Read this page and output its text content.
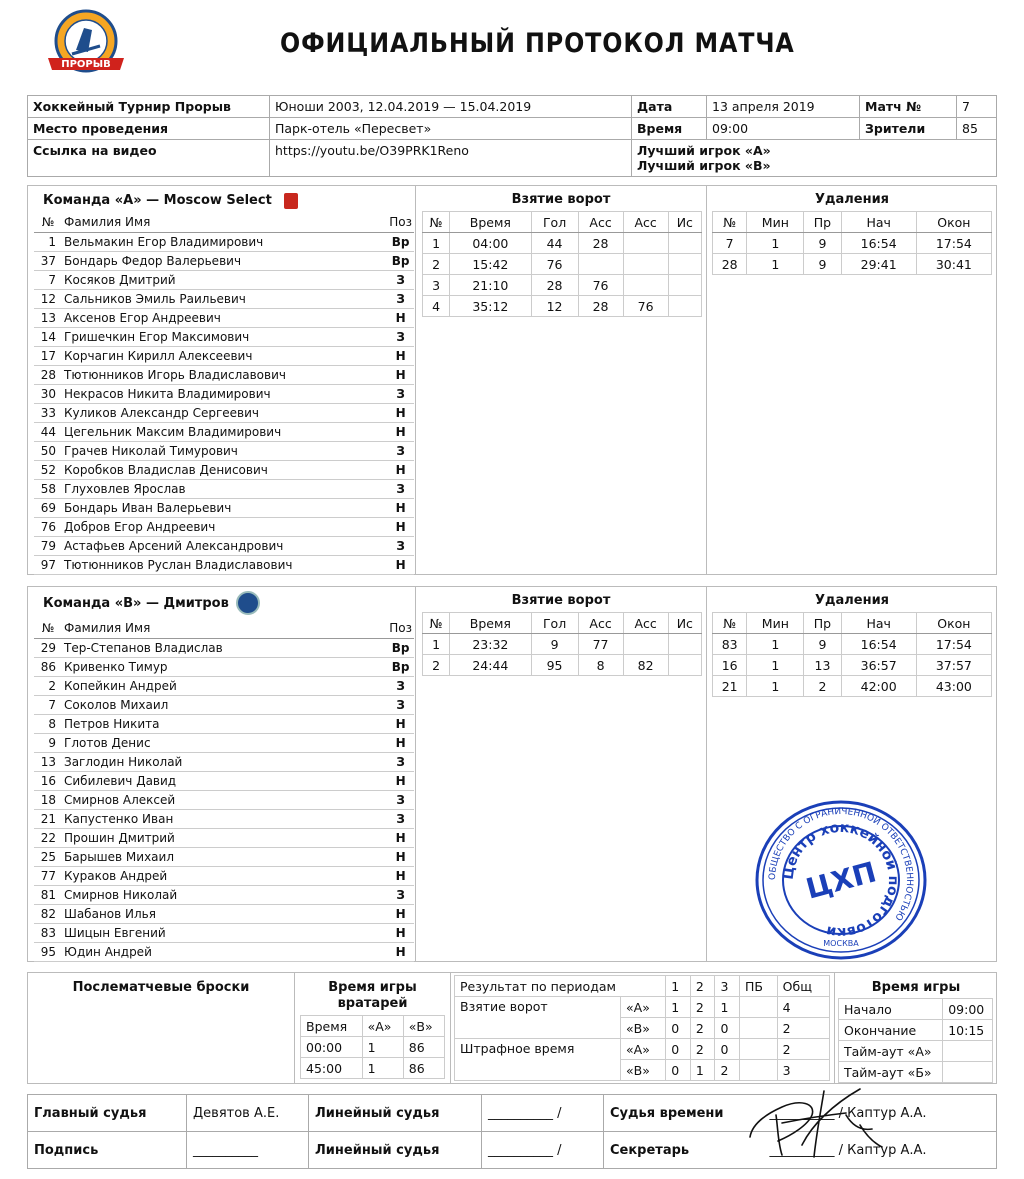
ПРОРЫВ
ОФИЦИАЛЬНЫЙ ПРОТОКОЛ МАТЧА
Хоккейный Турнир Прорыв	Юноши 2003, 12.04.2019 — 15.04.2019	Дата	13 апреля 2019	Матч №	7
Место проведения	Парк-отель «Пересвет»	Время	09:00	Зрители	85
Ссылка на видео	https://youtu.be/O39PRK1Reno	Лучший игрок «А»
Лучший игрок «В»			
Команда «А» — Moscow Select
№	Фамилия Имя	Поз
1	Вельмакин Егор Владимирович	Вр
37	Бондарь Федор Валерьевич	Вр
7	Косяков Дмитрий	З
12	Сальников Эмиль Раильевич	З
13	Аксенов Егор Андреевич	Н
14	Гришечкин Егор Максимович	З
17	Корчагин Кирилл Алексеевич	Н
28	Тютюнников Игорь Владиславович	Н
30	Некрасов Никита Владимирович	З
33	Куликов Александр Сергеевич	Н
44	Цегельник Максим Владимирович	Н
50	Грачев Николай Тимурович	З
52	Коробков Владислав Денисович	Н
58	Глуховлев Ярослав	З
69	Бондарь Иван Валерьевич	Н
76	Добров Егор Андреевич	Н
79	Астафьев Арсений Александрович	З
97	Тютюнников Руслан Владиславович	Н
Взятие ворот
№	Время	Гол	Асс	Асс	Ис
1	04:00	44	28		
2	15:42	76			
3	21:10	28	76		
4	35:12	12	28	76	
Удаления
№	Мин	Пр	Нач	Окон
7	1	9	16:54	17:54
28	1	9	29:41	30:41
Команда «В» — Дмитров
№	Фамилия Имя	Поз
29	Тер-Степанов Владислав	Вр
86	Кривенко Тимур	Вр
2	Копейкин Андрей	З
7	Соколов Михаил	З
8	Петров Никита	Н
9	Глотов Денис	Н
13	Заглодин Николай	З
16	Сибилевич Давид	Н
18	Смирнов Алексей	З
21	Капустенко Иван	З
22	Прошин Дмитрий	Н
25	Барышев Михаил	Н
77	Кураков Андрей	Н
81	Смирнов Николай	З
82	Шабанов Илья	Н
83	Шицын Евгений	Н
95	Юдин Андрей	Н
Взятие ворот
№	Время	Гол	Асс	Асс	Ис
1	23:32	9	77		
2	24:44	95	8	82	
Удаления
№	Мин	Пр	Нач	Окон
83	1	9	16:54	17:54
16	1	13	36:57	37:57
21	1	2	42:00	43:00
Послематчевые броски	Время игры вратарей
Время	«А»	«В»
00:00	1	86
45:00	1	86
Результат по периодам		1	2	3	ПБ	Общ
Взятие ворот	«А»	1	2	1		4
	«В»	0	2	0		2
Штрафное время	«А»	0	2	0		2
	«В»	0	1	2		3
Время игры
Начало	09:00
Окончание	10:15
Тайм-аут «А»	
Тайм-аут «Б»	
ОБЩЕСТВО С ОГРАНИЧЕННОЙ ОТВЕТСТВЕННОСТЬЮ
Центр хоккейной подготовки
ЦХП
МОСКВА
Главный судья	Девятов А.Е.	Линейный судья	__________ /	Судья времени	__________ / Каптур А.А.
Подпись	__________	Линейный судья	__________ /	Секретарь	__________ / Каптур А.А.
